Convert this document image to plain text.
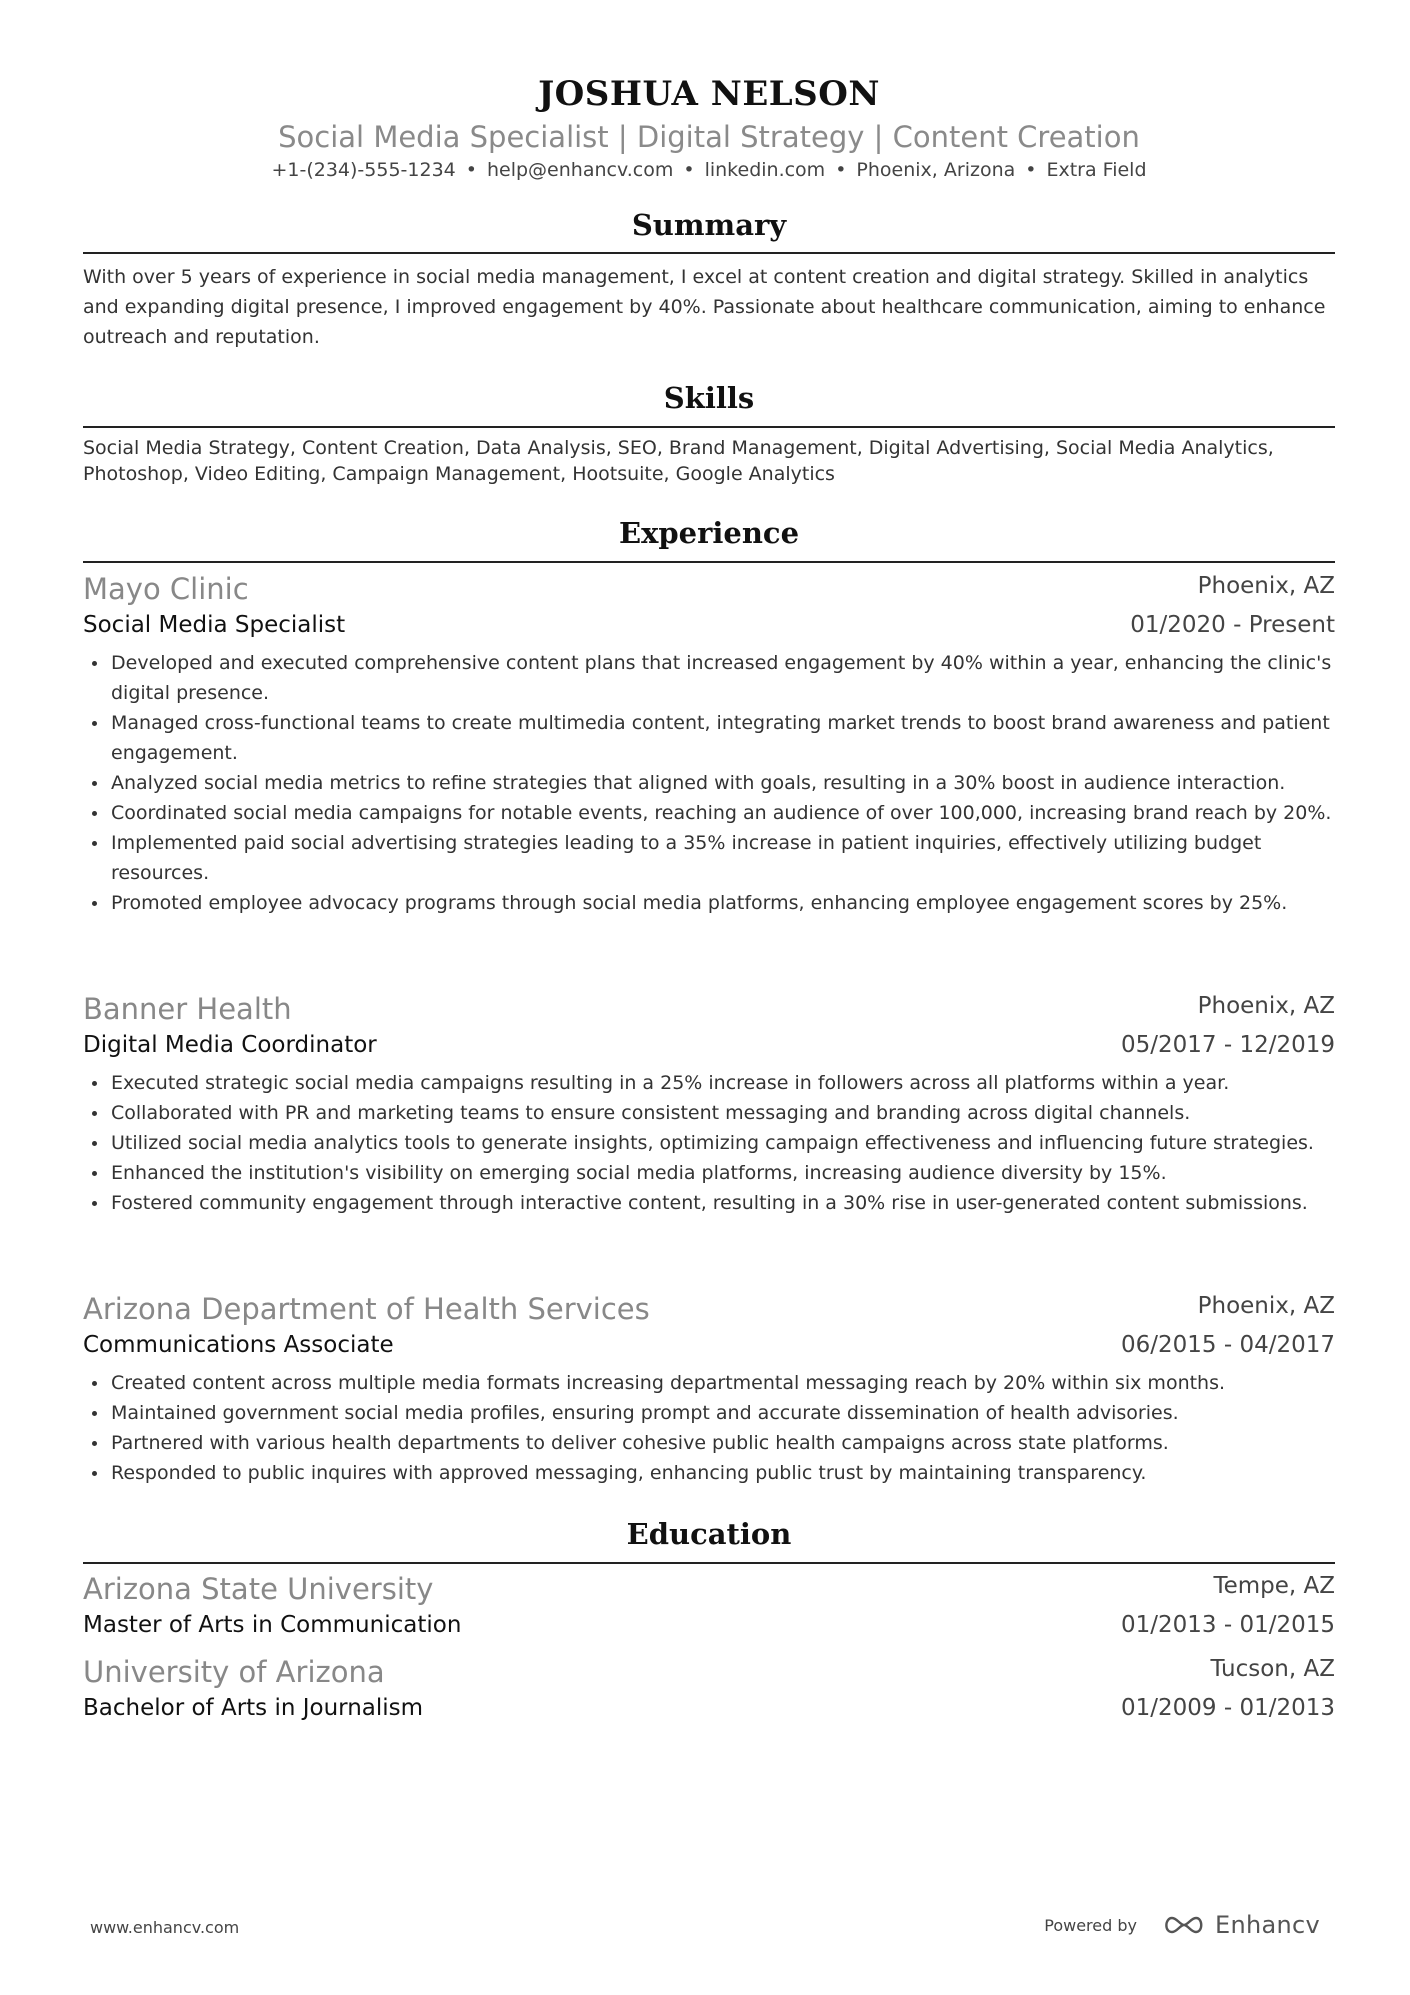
JOSHUA NELSON
Social Media Specialist | Digital Strategy | Content Creation
+1-(234)-555-1234 • help@enhancv.com • linkedin.com • Phoenix, Arizona • Extra Field
Summary
With over 5 years of experience in social media management, I excel at content creation and digital strategy. Skilled in analytics and expanding digital presence, I improved engagement by 40%. Passionate about healthcare communication, aiming to enhance outreach and reputation.
Skills
Social Media Strategy, Content Creation, Data Analysis, SEO, Brand Management, Digital Advertising, Social Media Analytics, Photoshop, Video Editing, Campaign Management, Hootsuite, Google Analytics
Experience
Mayo Clinic	Phoenix, AZ
Social Media Specialist	01/2020 - Present
Developed and executed comprehensive content plans that increased engagement by 40% within a year, enhancing the clinic's digital presence.
Managed cross-functional teams to create multimedia content, integrating market trends to boost brand awareness and patient engagement.
Analyzed social media metrics to refine strategies that aligned with goals, resulting in a 30% boost in audience interaction.
Coordinated social media campaigns for notable events, reaching an audience of over 100,000, increasing brand reach by 20%.
Implemented paid social advertising strategies leading to a 35% increase in patient inquiries, effectively utilizing budget resources.
Promoted employee advocacy programs through social media platforms, enhancing employee engagement scores by 25%.
Banner Health	Phoenix, AZ
Digital Media Coordinator	05/2017 - 12/2019
Executed strategic social media campaigns resulting in a 25% increase in followers across all platforms within a year.
Collaborated with PR and marketing teams to ensure consistent messaging and branding across digital channels.
Utilized social media analytics tools to generate insights, optimizing campaign effectiveness and influencing future strategies.
Enhanced the institution's visibility on emerging social media platforms, increasing audience diversity by 15%.
Fostered community engagement through interactive content, resulting in a 30% rise in user-generated content submissions.
Arizona Department of Health Services	Phoenix, AZ
Communications Associate	06/2015 - 04/2017
Created content across multiple media formats increasing departmental messaging reach by 20% within six months.
Maintained government social media profiles, ensuring prompt and accurate dissemination of health advisories.
Partnered with various health departments to deliver cohesive public health campaigns across state platforms.
Responded to public inquires with approved messaging, enhancing public trust by maintaining transparency.
Education
Arizona State University	Tempe, AZ
Master of Arts in Communication	01/2013 - 01/2015
University of Arizona	Tucson, AZ
Bachelor of Arts in Journalism	01/2009 - 01/2013
www.enhancv.com	Powered by	Enhancv
